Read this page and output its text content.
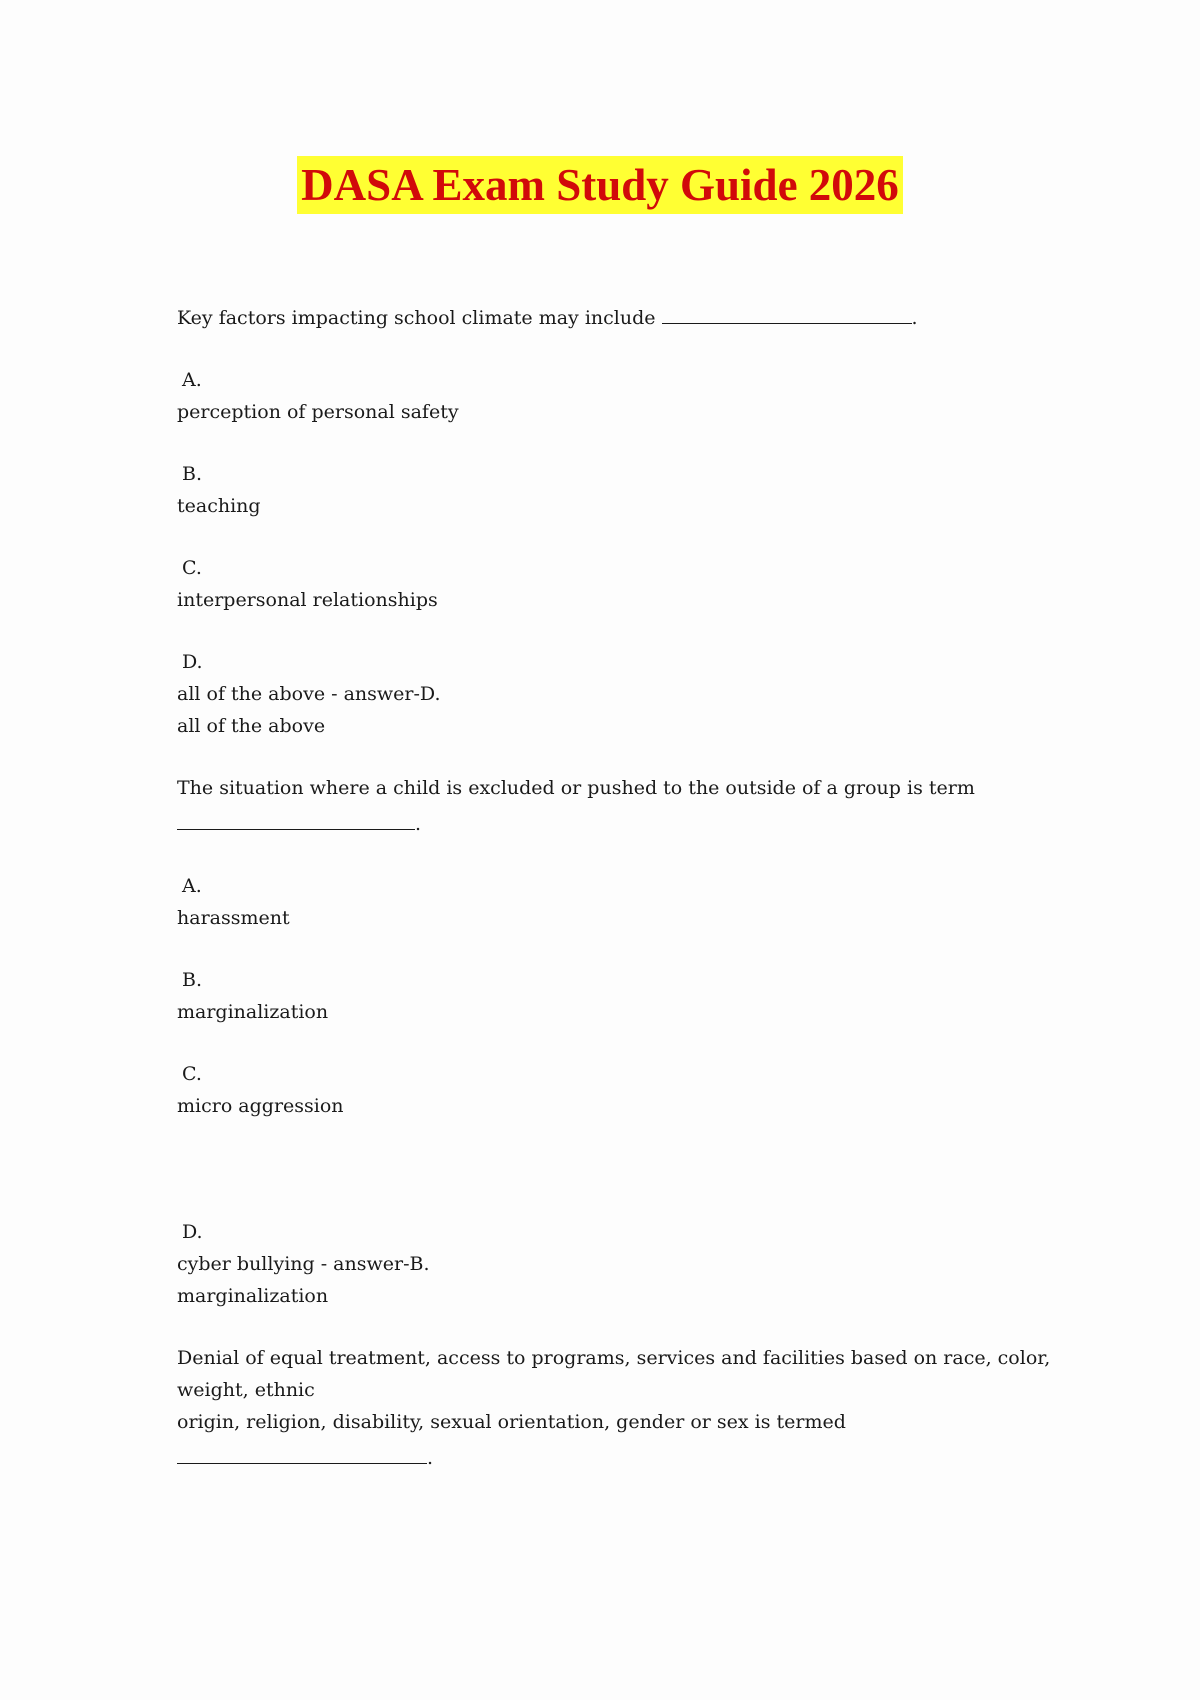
DASA Exam Study Guide 2026
Key factors impacting school climate may include	.
A.
perception of personal safety
B.
teaching
C.
interpersonal relationships
D.
all of the above - answer-D.
all of the above
The situation where a child is excluded or pushed to the outside of a group is term
.
A.
harassment
B.
marginalization
C.
micro aggression
D.
cyber bullying - answer-B.
marginalization
Denial of equal treatment, access to programs, services and facilities based on race, color,
weight, ethnic
origin, religion, disability, sexual orientation, gender or sex is termed
.
